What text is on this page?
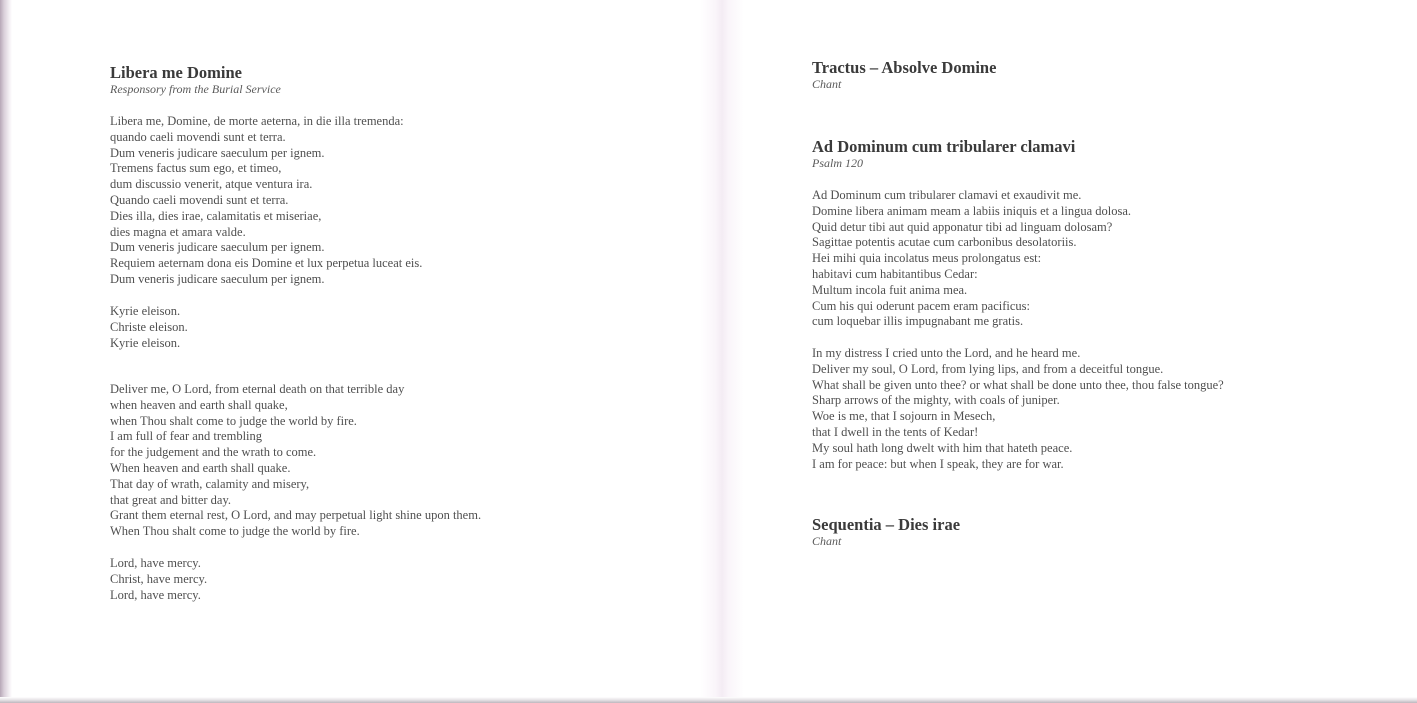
Libera me Domine

Responsory from the Burial Service

Libera me, Domine, de morte aeterna, in die illa tremenda:
quando caeli movendi sunt et terra.
Dum veneris judicare saeculum per ignem.
Tremens factus sum ego, et timeo,
dum discussio venerit, atque ventura ira.
Quando caeli movendi sunt et terra.
Dies illa, dies irae, calamitatis et miseriae,
dies magna et amara valde.
Dum veneris judicare saeculum per ignem.
Requiem aeternam dona eis Domine et lux perpetua luceat eis.
Dum veneris judicare saeculum per ignem.
Kyrie eleison.
Christe eleison.
Kyrie eleison.
Deliver me, O Lord, from eternal death on that terrible day
when heaven and earth shall quake,
when Thou shalt come to judge the world by fire.
I am full of fear and trembling
for the judgement and the wrath to come.
When heaven and earth shall quake.
That day of wrath, calamity and misery,
that great and bitter day.
Grant them eternal rest, O Lord, and may perpetual light shine upon them.
When Thou shalt come to judge the world by fire.
Lord, have mercy.
Christ, have mercy.
Lord, have mercy.
Tractus – Absolve Domine

Chant

Ad Dominum cum tribularer clamavi

Psalm 120

Ad Dominum cum tribularer clamavi et exaudivit me.
Domine libera animam meam a labiis iniquis et a lingua dolosa.
Quid detur tibi aut quid apponatur tibi ad linguam dolosam?
Sagittae potentis acutae cum carbonibus desolatoriis.
Hei mihi quia incolatus meus prolongatus est:
habitavi cum habitantibus Cedar:
Multum incola fuit anima mea.
Cum his qui oderunt pacem eram pacificus:
cum loquebar illis impugnabant me gratis.
In my distress I cried unto the Lord, and he heard me.
Deliver my soul, O Lord, from lying lips, and from a deceitful tongue.
What shall be given unto thee? or what shall be done unto thee, thou false tongue?
Sharp arrows of the mighty, with coals of juniper.
Woe is me, that I sojourn in Mesech,
that I dwell in the tents of Kedar!
My soul hath long dwelt with him that hateth peace.
I am for peace: but when I speak, they are for war.
Sequentia – Dies irae

Chant
